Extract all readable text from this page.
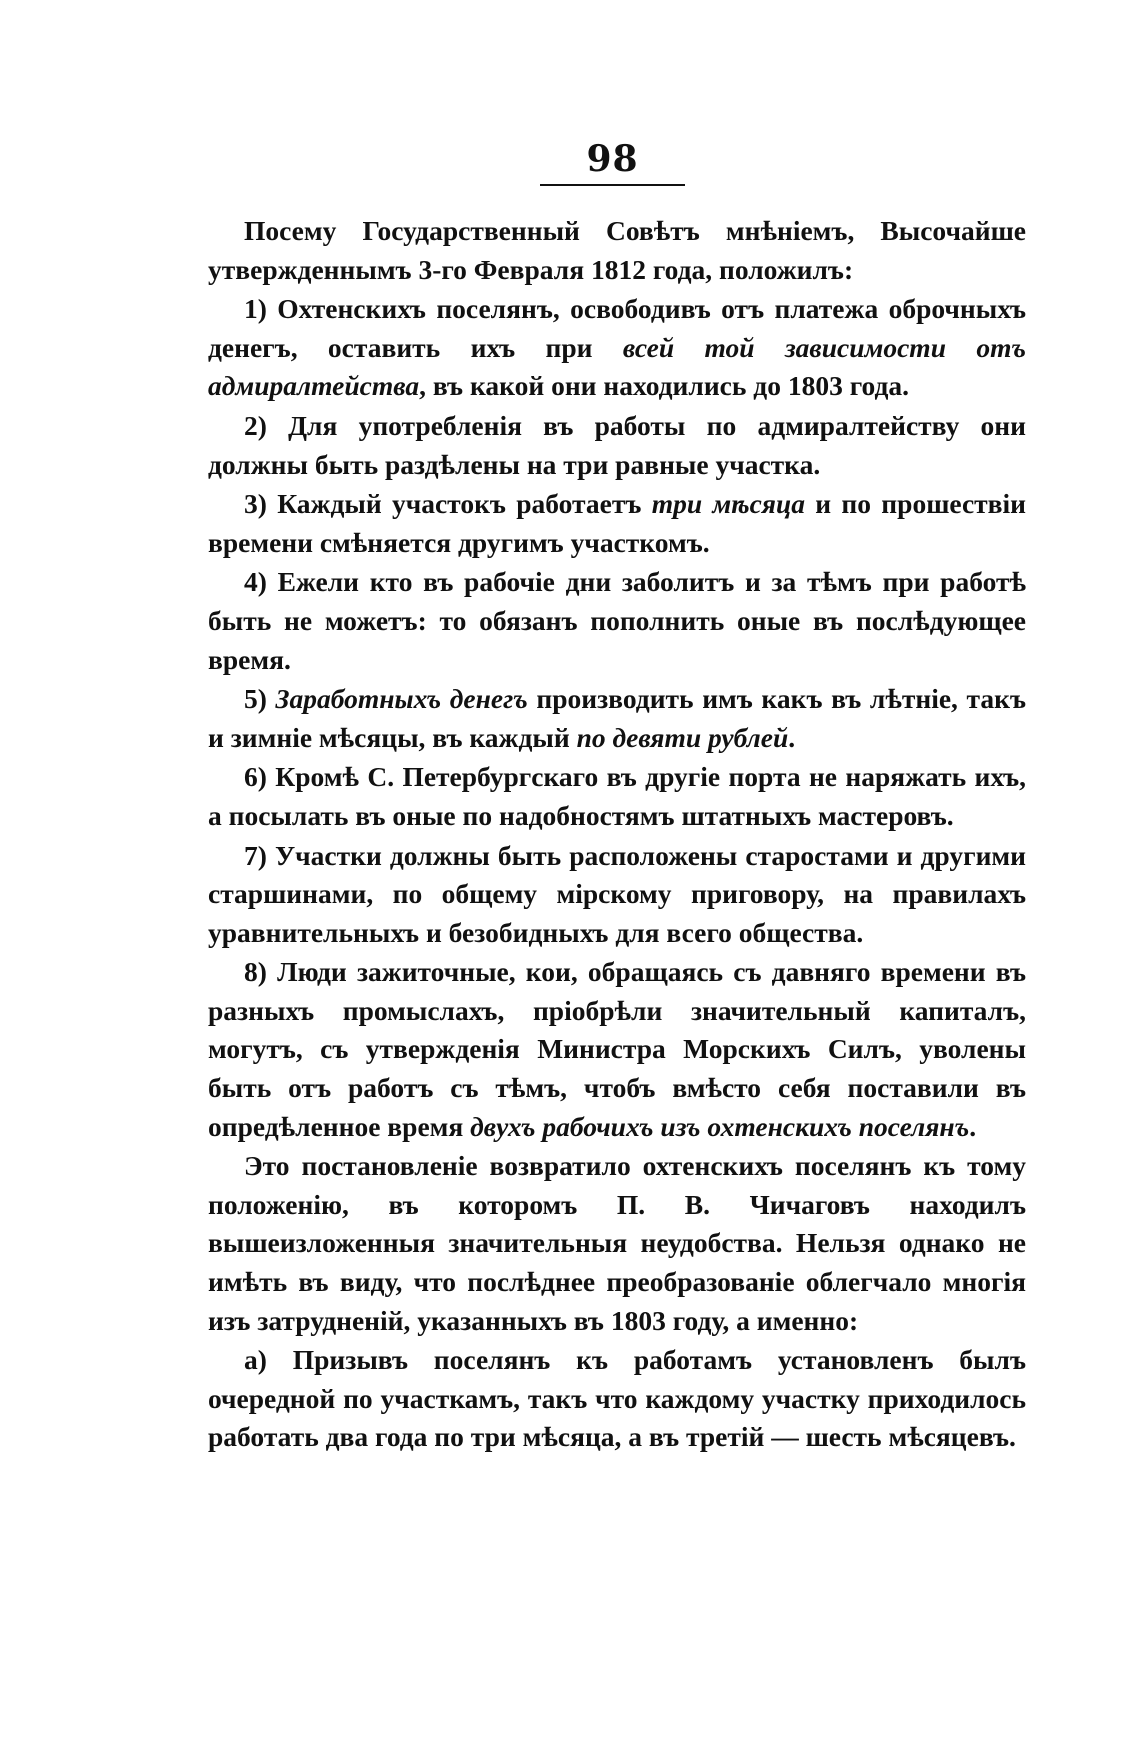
98

Посему Государственный Совѣтъ мнѣніемъ, Высочайше утвержденнымъ 3-го Февраля 1812 года, положилъ:

1) Охтенскихъ поселянъ, освободивъ отъ платежа оброчныхъ денегъ, оставить ихъ при всей той зависимости отъ адмиралтейства, въ какой они находились до 1803 года.

2) Для употребленія въ работы по адмиралтейству они должны быть раздѣлены на три равные участка.

3) Каждый участокъ работаетъ три мѣсяца и по прошествіи времени смѣняется другимъ участкомъ.

4) Ежели кто въ рабочіе дни заболитъ и за тѣмъ при работѣ быть не можетъ: то обязанъ пополнить оные въ послѣдующее время.

5) Заработныхъ денегъ производить имъ какъ въ лѣтніе, такъ и зимніе мѣсяцы, въ каждый по девяти рублей.

6) Кромѣ С. Петербургскаго въ другіе порта не наряжать ихъ, а посылать въ оные по надобностямъ штатныхъ мастеровъ.

7) Участки должны быть расположены старостами и другими старшинами, по общему мірскому приговору, на правилахъ уравнительныхъ и безобидныхъ для всего общества.

8) Люди зажиточные, кои, обращаясь съ давняго времени въ разныхъ промыслахъ, пріобрѣли значительный капиталъ, могутъ, съ утвержденія Министра Морскихъ Силъ, уволены быть отъ работъ съ тѣмъ, чтобъ вмѣсто себя поставили въ опредѣленное время двухъ рабочихъ изъ охтенскихъ поселянъ.

Это постановленіе возвратило охтенскихъ поселянъ къ тому положенію, въ которомъ П. В. Чичаговъ находилъ вышеизложенныя значительныя неудобства. Нельзя однако не имѣть въ виду, что послѣднее преобразованіе облегчало многія изъ затрудненій, указанныхъ въ 1803 году, а именно:

а) Призывъ поселянъ къ работамъ установленъ былъ очередной по участкамъ, такъ что каждому участку приходилось работать два года по три мѣсяца, а въ третій — шесть мѣсяцевъ.
